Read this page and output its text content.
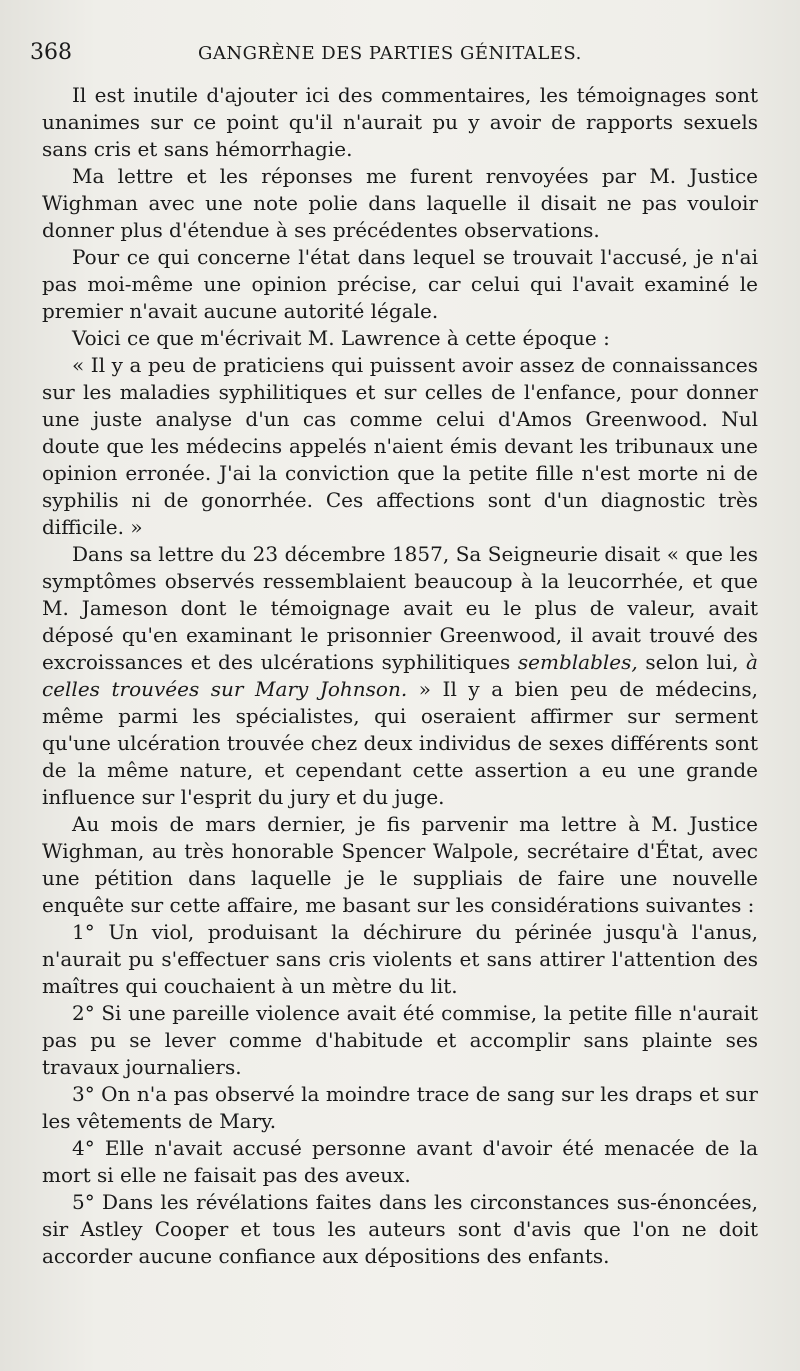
368	GANGRÈNE DES PARTIES GÉNITALES.

Il est inutile d'ajouter ici des commentaires, les témoignages sont unanimes sur ce point qu'il n'aurait pu y avoir de rapports sexuels sans cris et sans hémorrhagie.

Ma lettre et les réponses me furent renvoyées par M. Justice Wighman avec une note polie dans laquelle il disait ne pas vouloir donner plus d'étendue à ses précédentes observations.

Pour ce qui concerne l'état dans lequel se trouvait l'accusé, je n'ai pas moi-même une opinion précise, car celui qui l'avait examiné le premier n'avait aucune autorité légale.

Voici ce que m'écrivait M. Lawrence à cette époque :

« Il y a peu de praticiens qui puissent avoir assez de connaissances sur les maladies syphilitiques et sur celles de l'enfance, pour donner une juste analyse d'un cas comme celui d'Amos Greenwood. Nul doute que les médecins appelés n'aient émis devant les tribunaux une opinion erronée. J'ai la conviction que la petite fille n'est morte ni de syphilis ni de gonorrhée. Ces affections sont d'un diagnostic très difficile. »

Dans sa lettre du 23 décembre 1857, Sa Seigneurie disait « que les symptômes observés ressemblaient beaucoup à la leucorrhée, et que M. Jameson dont le témoignage avait eu le plus de valeur, avait déposé qu'en examinant le prisonnier Greenwood, il avait trouvé des excroissances et des ulcérations syphilitiques semblables, selon lui, à celles trouvées sur Mary Johnson. » Il y a bien peu de médecins, même parmi les spécialistes, qui oseraient affirmer sur serment qu'une ulcération trouvée chez deux individus de sexes différents sont de la même nature, et cependant cette assertion a eu une grande influence sur l'esprit du jury et du juge.

Au mois de mars dernier, je fis parvenir ma lettre à M. Justice Wighman, au très honorable Spencer Walpole, secrétaire d'État, avec une pétition dans laquelle je le suppliais de faire une nouvelle enquête sur cette affaire, me basant sur les considérations suivantes :

1° Un viol, produisant la déchirure du périnée jusqu'à l'anus, n'aurait pu s'effectuer sans cris violents et sans attirer l'attention des maîtres qui couchaient à un mètre du lit.

2° Si une pareille violence avait été commise, la petite fille n'aurait pas pu se lever comme d'habitude et accomplir sans plainte ses travaux journaliers.

3° On n'a pas observé la moindre trace de sang sur les draps et sur les vêtements de Mary.

4° Elle n'avait accusé personne avant d'avoir été menacée de la mort si elle ne faisait pas des aveux.

5° Dans les révélations faites dans les circonstances sus-énoncées, sir Astley Cooper et tous les auteurs sont d'avis que l'on ne doit accorder aucune confiance aux dépositions des enfants.
